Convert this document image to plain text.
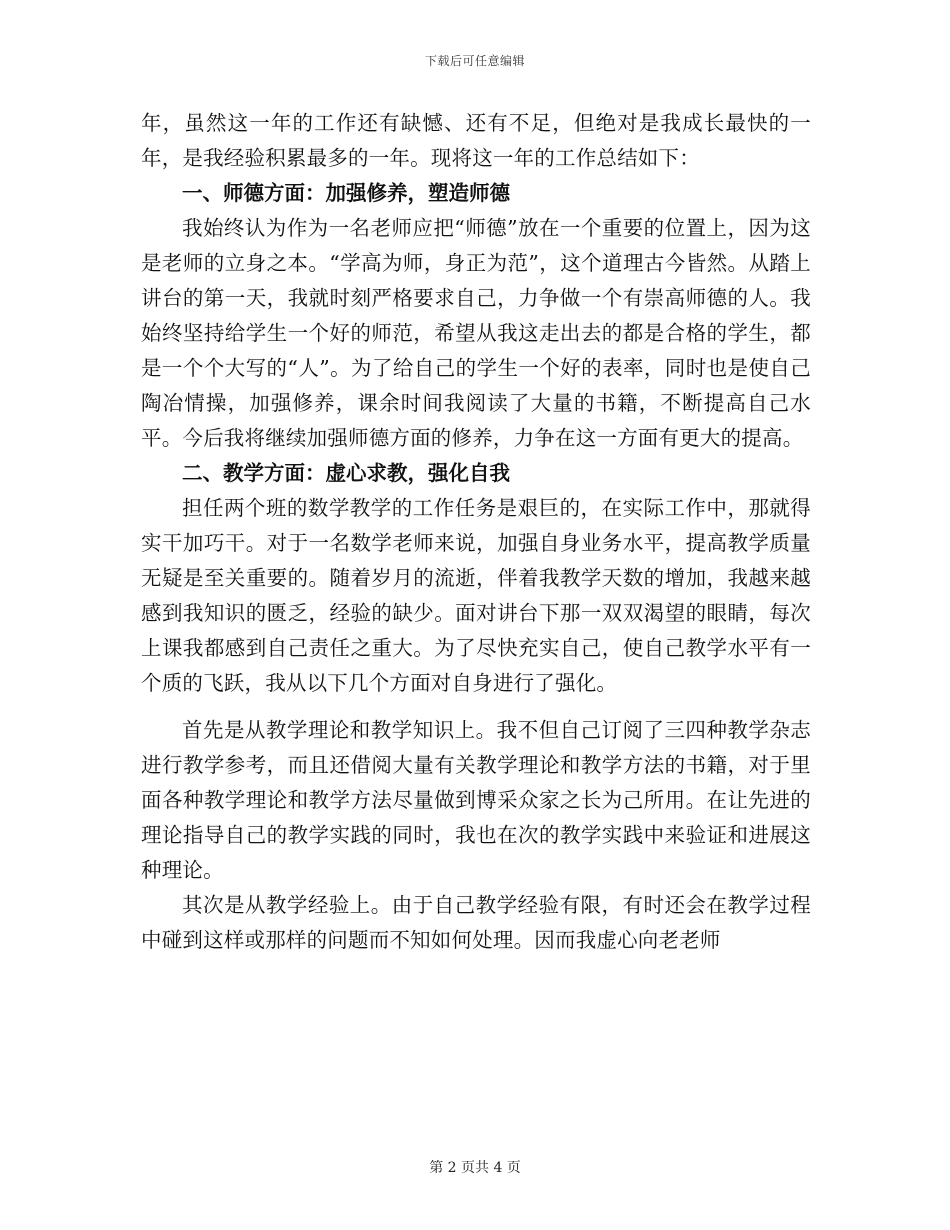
下载后可任意编辑

年，虽然这一年的工作还有缺憾、还有不足，但绝对是我成长最快的一年，是我经验积累最多的一年。现将这一年的工作总结如下：

一、师德方面：加强修养，塑造师德

我始终认为作为一名老师应把“师德”放在一个重要的位置上，因为这是老师的立身之本。“学高为师，身正为范”，这个道理古今皆然。从踏上讲台的第一天，我就时刻严格要求自己，力争做一个有崇高师德的人。我始终坚持给学生一个好的师范，希望从我这走出去的都是合格的学生，都是一个个大写的“人”。为了给自己的学生一个好的表率，同时也是使自己陶冶情操，加强修养，课余时间我阅读了大量的书籍，不断提高自己水平。今后我将继续加强师德方面的修养，力争在这一方面有更大的提高。

二、教学方面：虚心求教，强化自我

担任两个班的数学教学的工作任务是艰巨的，在实际工作中，那就得实干加巧干。对于一名数学老师来说，加强自身业务水平，提高教学质量无疑是至关重要的。随着岁月的流逝，伴着我教学天数的增加，我越来越感到我知识的匮乏，经验的缺少。面对讲台下那一双双渴望的眼睛，每次上课我都感到自己责任之重大。为了尽快充实自己，使自己教学水平有一个质的飞跃，我从以下几个方面对自身进行了强化。

首先是从教学理论和教学知识上。我不但自己订阅了三四种教学杂志进行教学参考，而且还借阅大量有关教学理论和教学方法的书籍，对于里面各种教学理论和教学方法尽量做到博采众家之长为己所用。在让先进的理论指导自己的教学实践的同时，我也在次的教学实践中来验证和进展这种理论。

其次是从教学经验上。由于自己教学经验有限，有时还会在教学过程中碰到这样或那样的问题而不知如何处理。因而我虚心向老老师

第 2 页共 4 页
